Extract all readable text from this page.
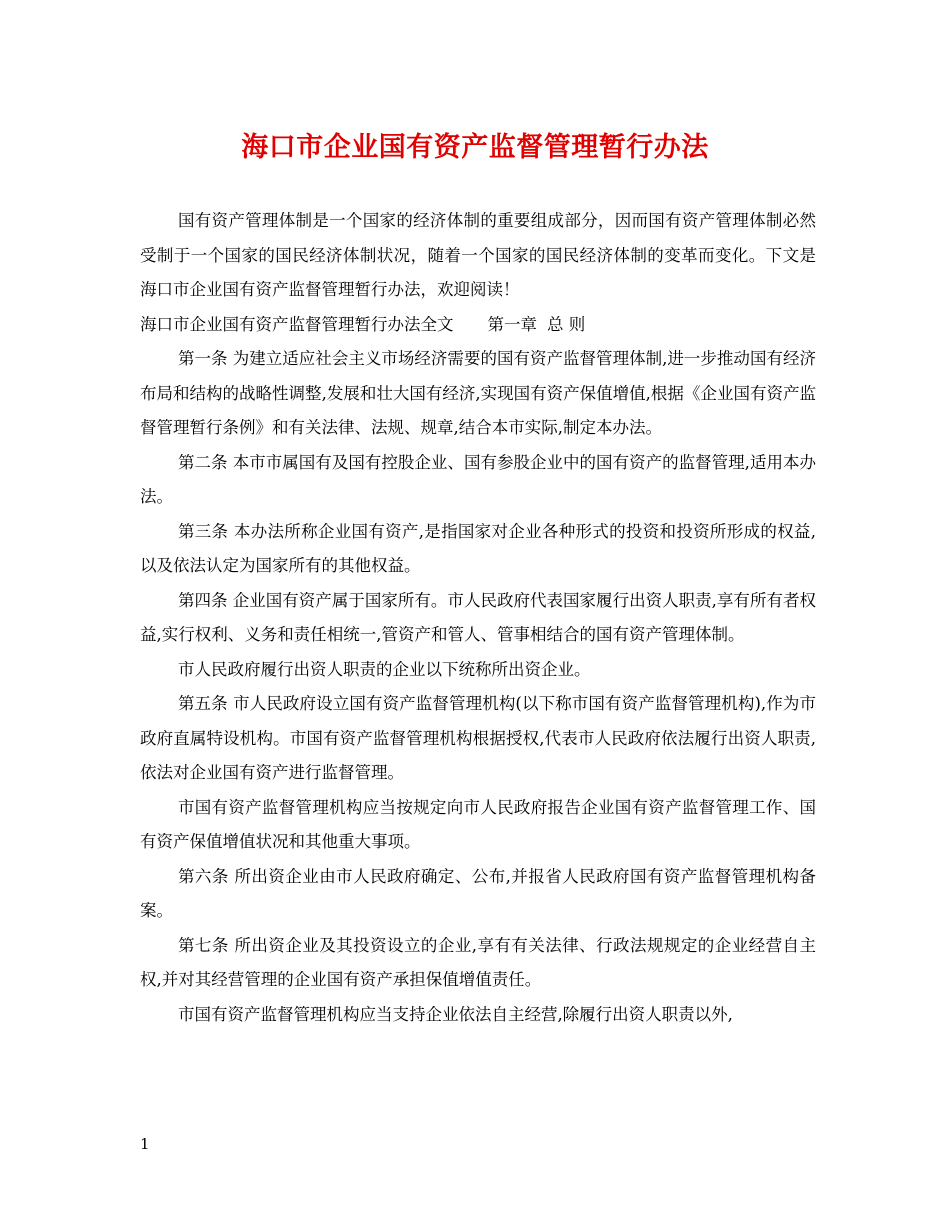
海口市企业国有资产监督管理暂行办法

国有资产管理体制是一个国家的经济体制的重要组成部分，因而国有资产管理体制必然受制于一个国家的国民经济体制状况，随着一个国家的国民经济体制的变革而变化。下文是海口市企业国有资产监督管理暂行办法，欢迎阅读！

海口市企业国有资产监督管理暂行办法全文 第一章 总 则

第一条 为建立适应社会主义市场经济需要的国有资产监督管理体制,进一步推动国有经济布局和结构的战略性调整,发展和壮大国有经济,实现国有资产保值增值,根据《企业国有资产监督管理暂行条例》和有关法律、法规、规章,结合本市实际,制定本办法。

第二条 本市市属国有及国有控股企业、国有参股企业中的国有资产的监督管理,适用本办法。

第三条 本办法所称企业国有资产,是指国家对企业各种形式的投资和投资所形成的权益,以及依法认定为国家所有的其他权益。

第四条 企业国有资产属于国家所有。市人民政府代表国家履行出资人职责,享有所有者权益,实行权利、义务和责任相统一,管资产和管人、管事相结合的国有资产管理体制。

市人民政府履行出资人职责的企业以下统称所出资企业。

第五条 市人民政府设立国有资产监督管理机构(以下称市国有资产监督管理机构),作为市政府直属特设机构。市国有资产监督管理机构根据授权,代表市人民政府依法履行出资人职责,依法对企业国有资产进行监督管理。

市国有资产监督管理机构应当按规定向市人民政府报告企业国有资产监督管理工作、国有资产保值增值状况和其他重大事项。

第六条 所出资企业由市人民政府确定、公布,并报省人民政府国有资产监督管理机构备案。

第七条 所出资企业及其投资设立的企业,享有有关法律、行政法规规定的企业经营自主权,并对其经营管理的企业国有资产承担保值增值责任。

市国有资产监督管理机构应当支持企业依法自主经营,除履行出资人职责以外,

1
